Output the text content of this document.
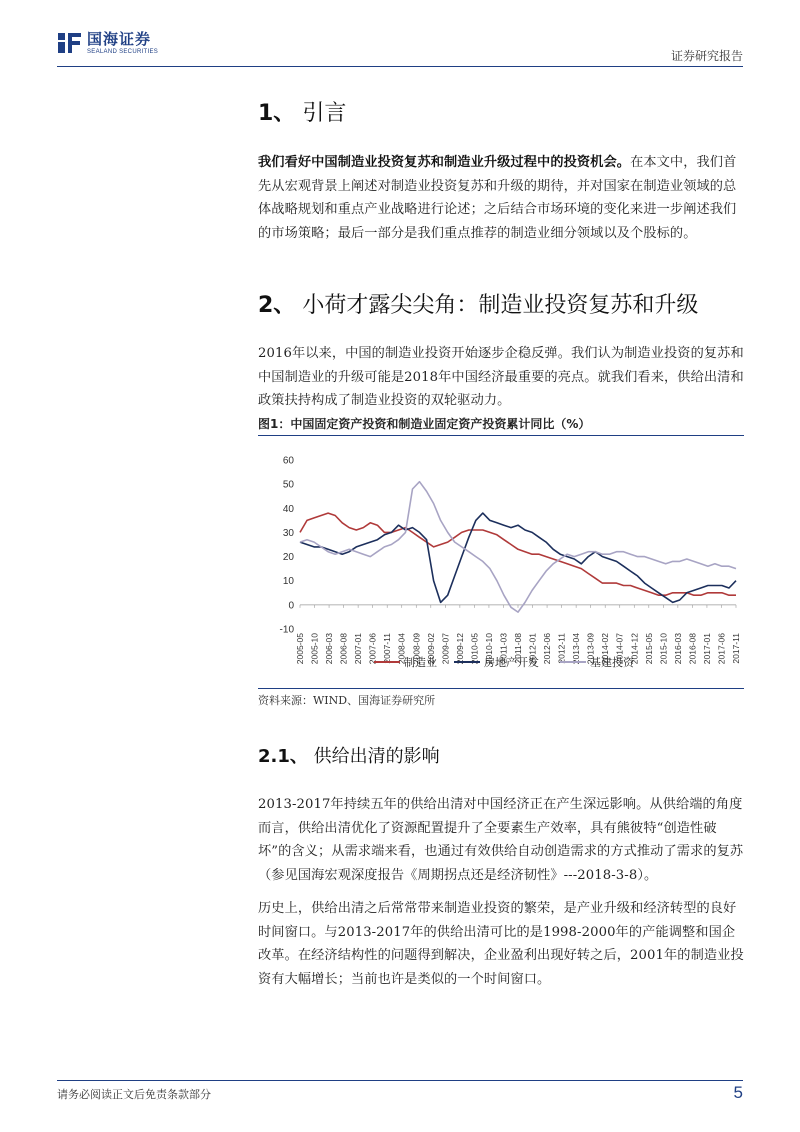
国海证券
SEALAND SECURITIES	证券研究报告
1、 引言
我们看好中国制造业投资复苏和制造业升级过程中的投资机会。在本文中，我们首先从宏观背景上阐述对制造业投资复苏和升级的期待，并对国家在制造业领域的总体战略规划和重点产业战略进行论述；之后结合市场环境的变化来进一步阐述我们的市场策略；最后一部分是我们重点推荐的制造业细分领域以及个股标的。
2、 小荷才露尖尖角：制造业投资复苏和升级
2016年以来，中国的制造业投资开始逐步企稳反弹。我们认为制造业投资的复苏和中国制造业的升级可能是2018年中国经济最重要的亮点。就我们看来，供给出清和政策扶持构成了制造业投资的双轮驱动力。
图1：中国固定资产投资和制造业固定资产投资累计同比（%）
-10
0
10
20
30
40
50
60
2005-05 2005-10 2006-03 2006-08 2007-01 2007-06 2007-11 2008-04 2008-09 2009-02 2009-07 2009-12 2010-05 2010-10 2011-03 2011-08 2012-01 2012-06 2012-11 2013-04 2013-09 2014-02 2014-07 2014-12 2015-05 2015-10 2016-03 2016-08 2017-01 2017-06 2017-11
制造业	房地产开发	基建投资
资料来源：WIND、国海证券研究所
2.1、 供给出清的影响
2013-2017年持续五年的供给出清对中国经济正在产生深远影响。从供给端的角度而言，供给出清优化了资源配置提升了全要素生产效率，具有熊彼特“创造性破坏”的含义；从需求端来看，也通过有效供给自动创造需求的方式推动了需求的复苏（参见国海宏观深度报告《周期拐点还是经济韧性》---2018-3-8）。
历史上，供给出清之后常常带来制造业投资的繁荣，是产业升级和经济转型的良好时间窗口。与2013-2017年的供给出清可比的是1998-2000年的产能调整和国企改革。在经济结构性的问题得到解决，企业盈利出现好转之后，2001年的制造业投资有大幅增长；当前也许是类似的一个时间窗口。
请务必阅读正文后免责条款部分	5
